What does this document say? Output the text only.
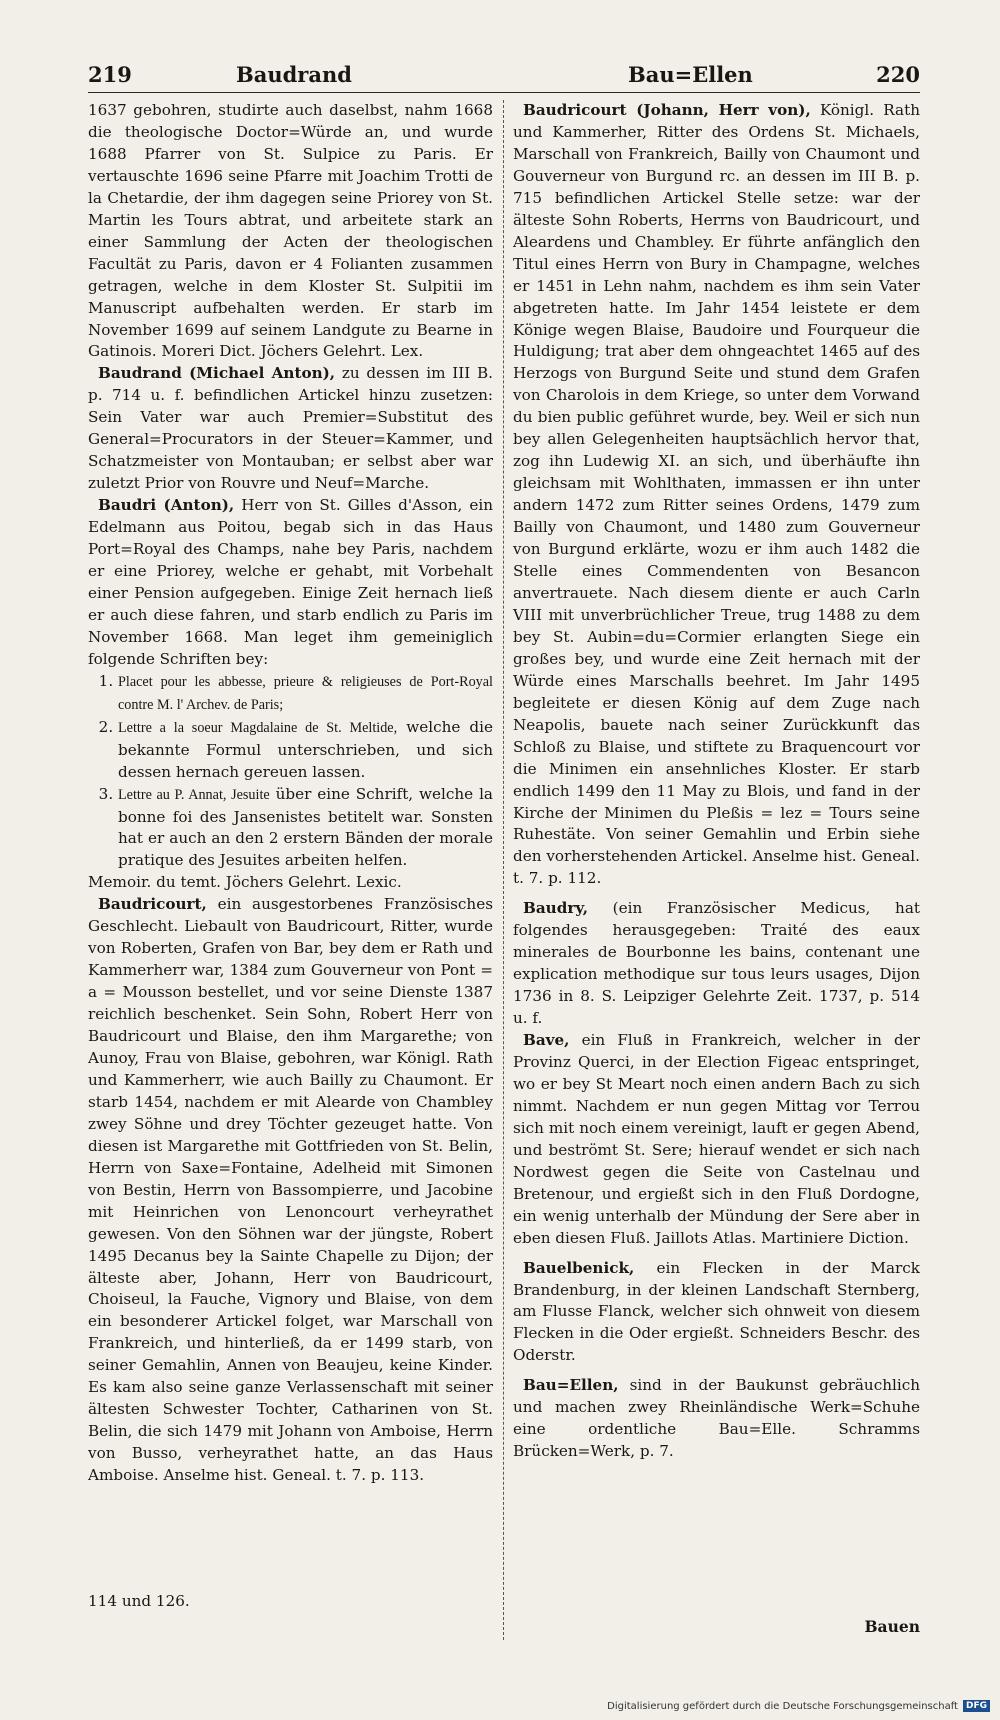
219	Baudrand	Bau=Ellen	220

1637 gebohren, studirte auch daselbst, nahm 1668 die theologische Doctor=Würde an, und wurde 1688 Pfarrer von St. Sulpice zu Paris. Er vertauschte 1696 seine Pfarre mit Joachim Trotti de la Chetardie, der ihm dagegen seine Priorey von St. Martin les Tours abtrat, und arbeitete stark an einer Sammlung der Acten der theologischen Facultät zu Paris, davon er 4 Folianten zusammen getragen, welche in dem Kloster St. Sulpitii im Manuscript aufbehalten werden. Er starb im November 1699 auf seinem Landgute zu Bearne in Gatinois. Moreri Dict. Jöchers Gelehrt. Lex.

Baudrand (Michael Anton), zu dessen im III B. p. 714 u. f. befindlichen Artickel hinzu zusetzen: Sein Vater war auch Premier=Substitut des General=Procurators in der Steuer=Kammer, und Schatzmeister von Montauban; er selbst aber war zuletzt Prior von Rouvre und Neuf=Marche.

Baudri (Anton), Herr von St. Gilles d'Asson, ein Edelmann aus Poitou, begab sich in das Haus Port=Royal des Champs, nahe bey Paris, nachdem er eine Priorey, welche er gehabt, mit Vorbehalt einer Pension aufgegeben. Einige Zeit hernach ließ er auch diese fahren, und starb endlich zu Paris im November 1668. Man leget ihm gemeiniglich folgende Schriften bey:

1. Placet pour les abbesse, prieure & religieuses de Port-Royal contre M. l' Archev. de Paris;
2. Lettre a la soeur Magdalaine de St. Meltide, welche die bekannte Formul unterschrieben, und sich dessen hernach gereuen lassen.
3. Lettre au P. Annat, Jesuite über eine Schrift, welche la bonne foi des Jansenistes betitelt war. Sonsten hat er auch an den 2 erstern Bänden der morale pratique des Jesuites arbeiten helfen.

Memoir. du temt. Jöchers Gelehrt. Lexic.

Baudricourt, ein ausgestorbenes Französisches Geschlecht. Liebault von Baudricourt, Ritter, wurde von Roberten, Grafen von Bar, bey dem er Rath und Kammerherr war, 1384 zum Gouverneur von Pont = a = Mousson bestellet, und vor seine Dienste 1387 reichlich beschenket. Sein Sohn, Robert Herr von Baudricourt und Blaise, den ihm Margarethe; von Aunoy, Frau von Blaise, gebohren, war Königl. Rath und Kammerherr, wie auch Bailly zu Chaumont. Er starb 1454, nachdem er mit Alearde von Chambley zwey Söhne und drey Töchter gezeuget hatte. Von diesen ist Margarethe mit Gottfrieden von St. Belin, Herrn von Saxe=Fontaine, Adelheid mit Simonen von Bestin, Herrn von Bassompierre, und Jacobine mit Heinrichen von Lenoncourt verheyrathet gewesen. Von den Söhnen war der jüngste, Robert 1495 Decanus bey la Sainte Chapelle zu Dijon; der älteste aber, Johann, Herr von Baudricourt, Choiseul, la Fauche, Vignory und Blaise, von dem ein besonderer Artickel folget, war Marschall von Frankreich, und hinterließ, da er 1499 starb, von seiner Gemahlin, Annen von Beaujeu, keine Kinder. Es kam also seine ganze Verlassenschaft mit seiner ältesten Schwester Tochter, Catharinen von St. Belin, die sich 1479 mit Johann von Amboise, Herrn von Busso, verheyrathet hatte, an das Haus Amboise. Anselme hist. Geneal. t. 7. p. 113.

114 und 126.

Baudricourt (Johann, Herr von), Königl. Rath und Kammerher, Ritter des Ordens St. Michaels, Marschall von Frankreich, Bailly von Chaumont und Gouverneur von Burgund rc. an dessen im III B. p. 715 befindlichen Artickel Stelle setze: war der älteste Sohn Roberts, Herrns von Baudricourt, und Aleardens und Chambley. Er führte anfänglich den Titul eines Herrn von Bury in Champagne, welches er 1451 in Lehn nahm, nachdem es ihm sein Vater abgetreten hatte. Im Jahr 1454 leistete er dem Könige wegen Blaise, Baudoire und Fourqueur die Huldigung; trat aber dem ohngeachtet 1465 auf des Herzogs von Burgund Seite und stund dem Grafen von Charolois in dem Kriege, so unter dem Vorwand du bien public geführet wurde, bey. Weil er sich nun bey allen Gelegenheiten hauptsächlich hervor that, zog ihn Ludewig XI. an sich, und überhäufte ihn gleichsam mit Wohlthaten, immassen er ihn unter andern 1472 zum Ritter seines Ordens, 1479 zum Bailly von Chaumont, und 1480 zum Gouverneur von Burgund erklärte, wozu er ihm auch 1482 die Stelle eines Commendenten von Besancon anvertrauete. Nach diesem diente er auch Carln VIII mit unverbrüchlicher Treue, trug 1488 zu dem bey St. Aubin=du=Cormier erlangten Siege ein großes bey, und wurde eine Zeit hernach mit der Würde eines Marschalls beehret. Im Jahr 1495 begleitete er diesen König auf dem Zuge nach Neapolis, bauete nach seiner Zurückkunft das Schloß zu Blaise, und stiftete zu Braquencourt vor die Minimen ein ansehnliches Kloster. Er starb endlich 1499 den 11 May zu Blois, und fand in der Kirche der Minimen du Pleßis = lez = Tours seine Ruhestäte. Von seiner Gemahlin und Erbin siehe den vorherstehenden Artickel. Anselme hist. Geneal. t. 7. p. 112.

Baudry, (ein Französischer Medicus, hat folgendes herausgegeben: Traité des eaux minerales de Bourbonne les bains, contenant une explication methodique sur tous leurs usages, Dijon 1736 in 8. S. Leipziger Gelehrte Zeit. 1737, p. 514 u. f.

Bave, ein Fluß in Frankreich, welcher in der Provinz Querci, in der Election Figeac entspringet, wo er bey St Meart noch einen andern Bach zu sich nimmt. Nachdem er nun gegen Mittag vor Terrou sich mit noch einem vereinigt, lauft er gegen Abend, und beströmt St. Sere; hierauf wendet er sich nach Nordwest gegen die Seite von Castelnau und Bretenour, und ergießt sich in den Fluß Dordogne, ein wenig unterhalb der Mündung der Sere aber in eben diesen Fluß. Jaillots Atlas. Martiniere Diction.

Bauelbenick, ein Flecken in der Marck Brandenburg, in der kleinen Landschaft Sternberg, am Flusse Flanck, welcher sich ohnweit von diesem Flecken in die Oder ergießt. Schneiders Beschr. des Oderstr.

Bau=Ellen, sind in der Baukunst gebräuchlich und machen zwey Rheinländische Werk=Schuhe eine ordentliche Bau=Elle. Schramms Brücken=Werk, p. 7.

Bauen
Digitalisierung gefördert durch die Deutsche Forschungsgemeinschaft DFG
